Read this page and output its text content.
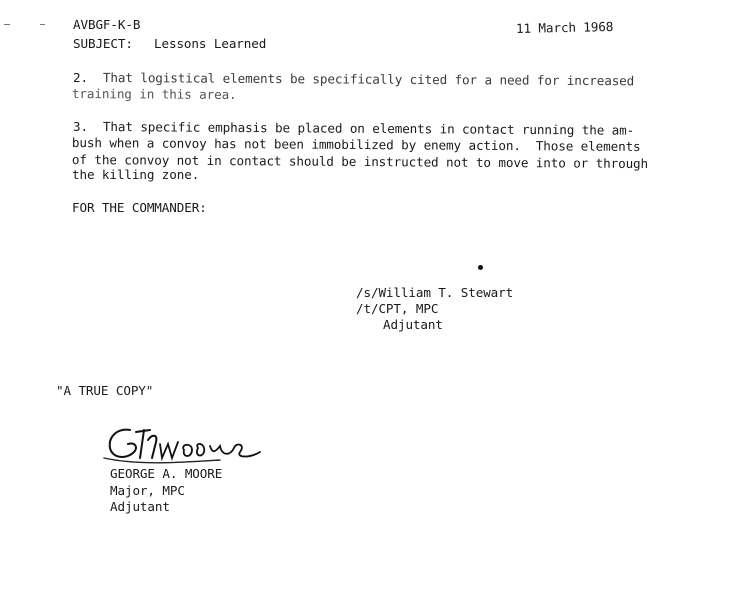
AVBGF-K-B
SUBJECT: Lessons Learned
11 March 1968
2. That logistical elements be specifically cited for a need for increased
training in this area.
3. That specific emphasis be placed on elements in contact running the am-
bush when a convoy has not been immobilized by enemy action.  Those elements
of the convoy not in contact should be instructed not to move into or through
the killing zone.
FOR THE COMMANDER:
/s/William T. Stewart
/t/CPT, MPC
Adjutant
"A TRUE COPY"
GEORGE A. MOORE
Major, MPC
Adjutant
